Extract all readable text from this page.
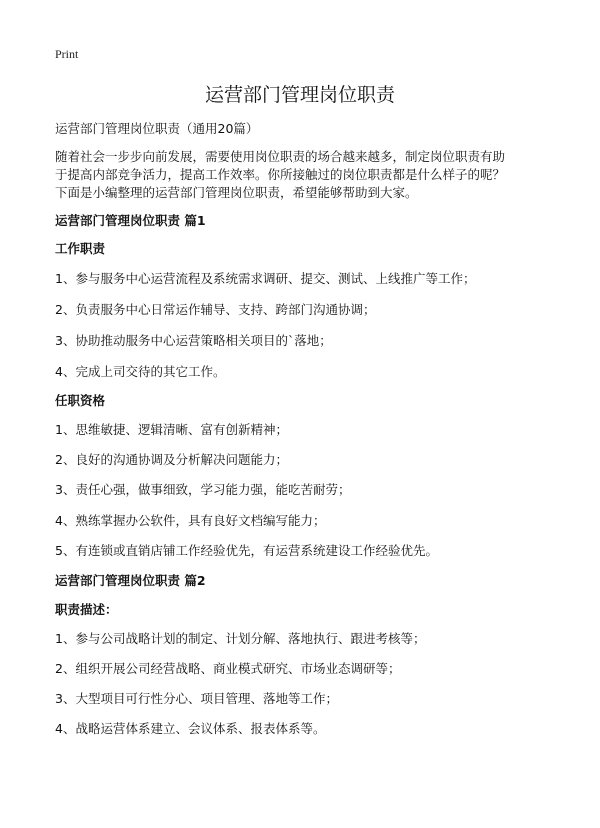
Print
运营部门管理岗位职责

运营部门管理岗位职责（通用20篇）

随着社会一步步向前发展，需要使用岗位职责的场合越来越多，制定岗位职责有助
于提高内部竞争活力，提高工作效率。你所接触过的岗位职责都是什么样子的呢？
下面是小编整理的运营部门管理岗位职责，希望能够帮助到大家。

运营部门管理岗位职责 篇1

工作职责

1、参与服务中心运营流程及系统需求调研、提交、测试、上线推广等工作；

2、负责服务中心日常运作辅导、支持、跨部门沟通协调；

3、协助推动服务中心运营策略相关项目的`落地；

4、完成上司交待的其它工作。

任职资格

1、思维敏捷、逻辑清晰、富有创新精神；

2、良好的沟通协调及分析解决问题能力；

3、责任心强，做事细致，学习能力强，能吃苦耐劳；

4、熟练掌握办公软件，具有良好文档编写能力；

5、有连锁或直销店铺工作经验优先，有运营系统建设工作经验优先。

运营部门管理岗位职责 篇2

职责描述：

1、参与公司战略计划的制定、计划分解、落地执行、跟进考核等；

2、组织开展公司经营战略、商业模式研究、市场业态调研等；

3、大型项目可行性分心、项目管理、落地等工作；

4、战略运营体系建立、会议体系、报表体系等。
